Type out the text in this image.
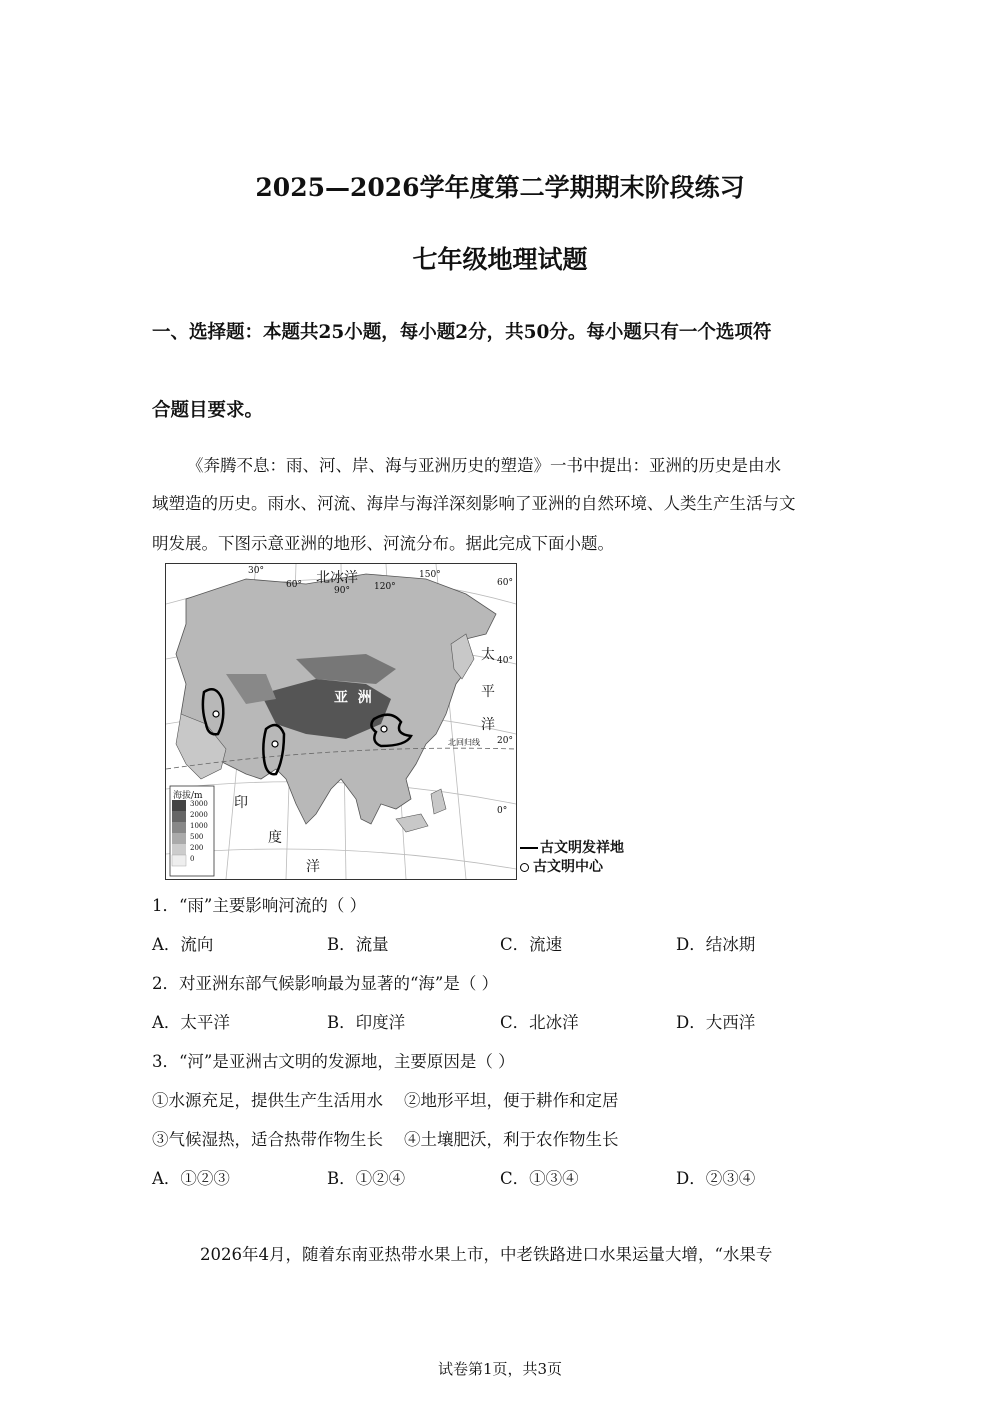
2025—2026学年度第二学期期末阶段练习
七年级地理试题
一、选择题：本题共25小题，每小题2分，共50分。每小题只有一个选项符
合题目要求。
《奔腾不息：雨、河、岸、海与亚洲历史的塑造》一书中提出：亚洲的历史是由水
域塑造的历史。雨水、河流、海岸与海洋深刻影响了亚洲的自然环境、人类生产生活与文
明发展。下图示意亚洲的地形、河流分布。据此完成下面小题。
北冰洋
亚  洲
太
平
洋
印
度
洋
北回归线
30°
60°
90°	120°
150°
60°
40°
20°
0°
海拔/m
3000
2000
1000
500
200
0
古文明发祥地
古文明中心
1．“雨”主要影响河流的（ ）
A．流向	B．流量	C．流速	D．结冰期
2．对亚洲东部气候影响最为显著的“海”是（ ）
A．太平洋	B．印度洋	C．北冰洋	D．大西洋
3．“河”是亚洲古文明的发源地，主要原因是（ ）
①水源充足，提供生产生活用水    ②地形平坦，便于耕作和定居
③气候湿热，适合热带作物生长    ④土壤肥沃，利于农作物生长
A．①②③	B．①②④	C．①③④	D．②③④
2026年4月，随着东南亚热带水果上市，中老铁路进口水果运量大增，“水果专
试卷第1页，共3页
